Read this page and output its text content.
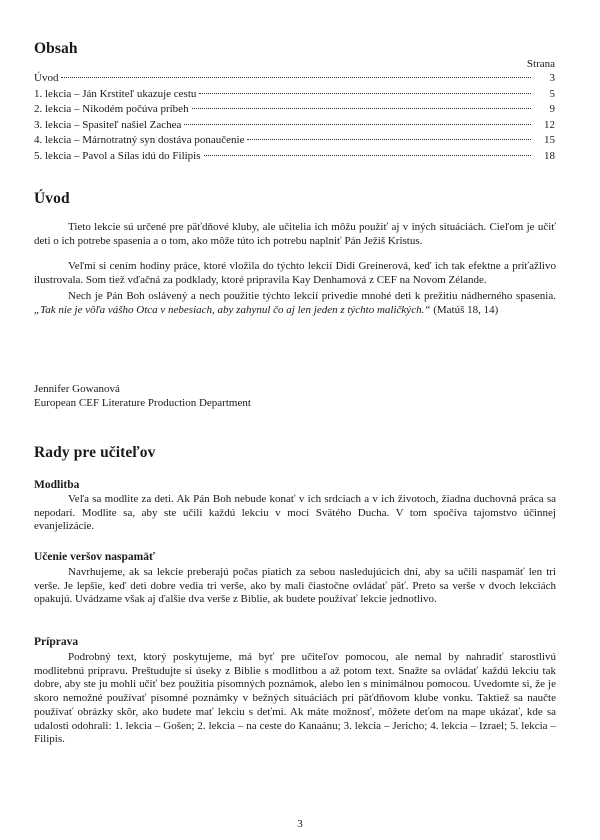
Obsah
Strana
Úvod	3
1. lekcia – Ján Krstiteľ ukazuje cestu	5
2. lekcia – Nikodém počúva príbeh	9
3. lekcia – Spasiteľ našiel Zachea	12
4. lekcia – Márnotratný syn dostáva ponaučenie	15
5. lekcia – Pavol a Sílas idú do Filipis	18
Úvod

Tieto lekcie sú určené pre päťdňové kluby, ale učitelia ich môžu použiť aj v iných situáciách. Cieľom je učiť deti o ich potrebe spasenia a o tom, ako môže túto ich potrebu naplniť Pán Ježiš Kristus.

Veľmi si cením hodiny práce, ktoré vložila do týchto lekcií Didi Greinerová, keď ich tak efektne a príťažlivo ilustrovala. Som tiež vďačná za podklady, ktoré pripravila Kay Denhamová z CEF na Novom Zélande.

Nech je Pán Boh oslávený a nech použitie týchto lekcií privedie mnohé deti k prežitiu nádherného spasenia. „Tak nie je vôľa vášho Otca v nebesiach, aby zahynul čo aj len jeden z týchto maličkých.“ (Matúš 18, 14)

Jennifer Gowanová
European CEF Literature Production Department
Rady pre učiteľov
Modlitba

Veľa sa modlite za deti. Ak Pán Boh nebude konať v ich srdciach a v ich životoch, žiadna duchovná práca sa nepodarí. Modlite sa, aby ste učili každú lekciu v moci Svätého Ducha. V tom spočíva tajomstvo účinnej evanjelizácie.

Učenie veršov naspamäť

Navrhujeme, ak sa lekcie preberajú počas piatich za sebou nasledujúcich dní, aby sa učili naspamäť len tri verše. Je lepšie, keď deti dobre vedia tri verše, ako by mali čiastočne ovládať päť. Preto sa verše v dvoch lekciách opakujú. Uvádzame však aj ďalšie dva verše z Biblie, ak budete používať lekcie jednotlivo.

Príprava

Podrobný text, ktorý poskytujeme, má byť pre učiteľov pomocou, ale nemal by nahradiť starostlivú modlitebnú prípravu. Preštudujte si úseky z Biblie s modlitbou a až potom text. Snažte sa ovládať každú lekciu tak dobre, aby ste ju mohli učiť bez použitia písomných poznámok, alebo len s minimálnou pomocou. Uvedomte si, že je skoro nemožné používať písomné poznámky v bežných situáciách pri päťdňovom klube vonku. Taktiež sa naučte používať obrázky skôr, ako budete mať lekciu s deťmi. Ak máte možnosť, môžete deťom na mape ukázať, kde sa udalosti odohrali: 1. lekcia – Gošen; 2. lekcia – na ceste do Kanaánu; 3. lekcia – Jericho; 4. lekcia – Izrael; 5. lekcia – Filipis.

3
